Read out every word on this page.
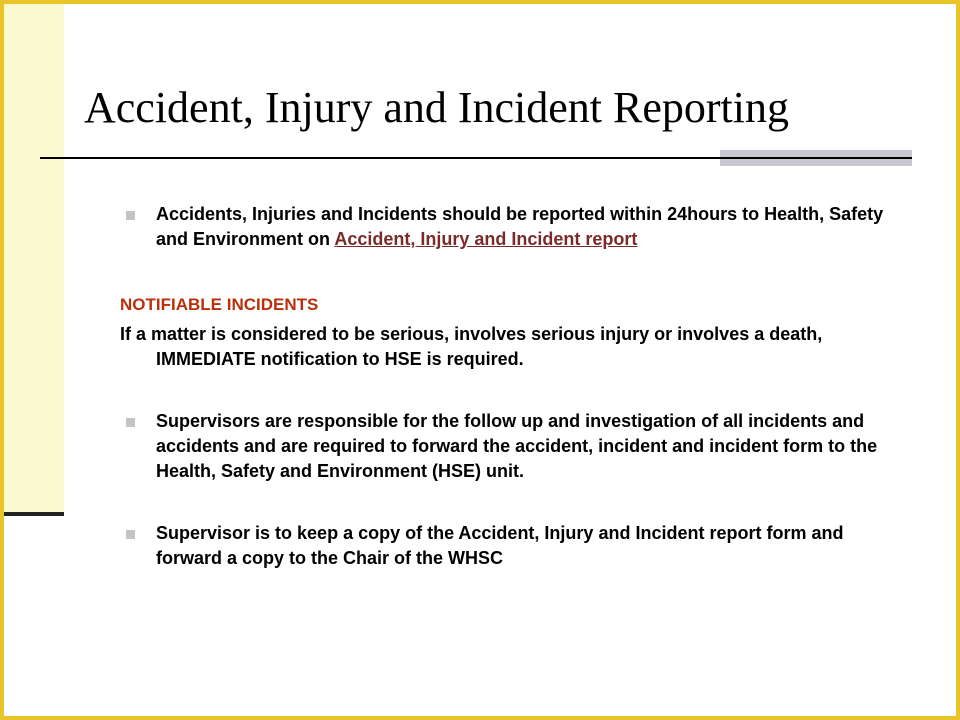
Accident, Injury and Incident Reporting

Accidents, Injuries and Incidents should be reported within 24hours to Health, Safety and Environment on Accident, Injury and Incident report

NOTIFIABLE INCIDENTS

If a matter is considered to be serious, involves serious injury or involves a death, IMMEDIATE notification to HSE is required.

Supervisors are responsible for the follow up and investigation of all incidents and accidents and are required to forward the accident, incident and incident form to the Health, Safety and Environment (HSE) unit.

Supervisor is to keep a copy of the Accident, Injury and Incident report form and forward a copy to the Chair of the WHSC
